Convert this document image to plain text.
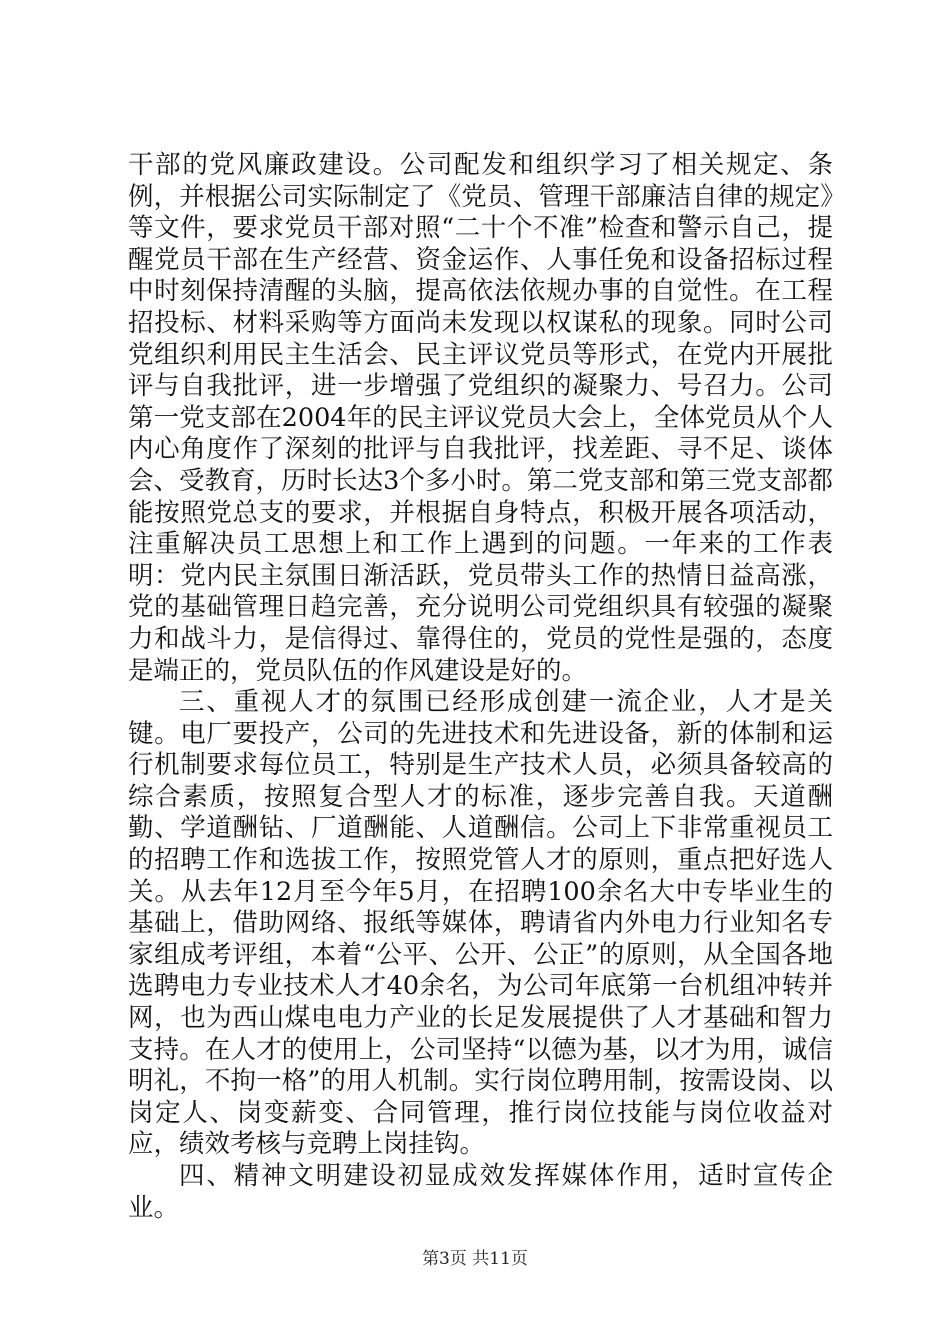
干部的党风廉政建设。公司配发和组织学习了相关规定、条例，并根据公司实际制定了《党员、管理干部廉洁自律的规定》等文件，要求党员干部对照“二十个不准”检查和警示自己，提醒党员干部在生产经营、资金运作、人事任免和设备招标过程中时刻保持清醒的头脑，提高依法依规办事的自觉性。在工程招投标、材料采购等方面尚未发现以权谋私的现象。同时公司党组织利用民主生活会、民主评议党员等形式，在党内开展批评与自我批评，进一步增强了党组织的凝聚力、号召力。公司第一党支部在2004年的民主评议党员大会上，全体党员从个人内心角度作了深刻的批评与自我批评，找差距、寻不足、谈体会、受教育，历时长达3个多小时。第二党支部和第三党支部都能按照党总支的要求，并根据自身特点，积极开展各项活动，注重解决员工思想上和工作上遇到的问题。一年来的工作表明：党内民主氛围日渐活跃，党员带头工作的热情日益高涨，党的基础管理日趋完善，充分说明公司党组织具有较强的凝聚力和战斗力，是信得过、靠得住的，党员的党性是强的，态度是端正的，党员队伍的作风建设是好的。

三、重视人才的氛围已经形成创建一流企业，人才是关键。电厂要投产，公司的先进技术和先进设备，新的体制和运行机制要求每位员工，特别是生产技术人员，必须具备较高的综合素质，按照复合型人才的标准，逐步完善自我。天道酬勤、学道酬钻、厂道酬能、人道酬信。公司上下非常重视员工的招聘工作和选拔工作，按照党管人才的原则，重点把好选人关。从去年12月至今年5月，在招聘100余名大中专毕业生的基础上，借助网络、报纸等媒体，聘请省内外电力行业知名专家组成考评组，本着“公平、公开、公正”的原则，从全国各地选聘电力专业技术人才40余名，为公司年底第一台机组冲转并网，也为西山煤电电力产业的长足发展提供了人才基础和智力支持。在人才的使用上，公司坚持“以德为基，以才为用，诚信明礼，不拘一格”的用人机制。实行岗位聘用制，按需设岗、以岗定人、岗变薪变、合同管理，推行岗位技能与岗位收益对应，绩效考核与竞聘上岗挂钩。

四、精神文明建设初显成效发挥媒体作用，适时宣传企业。

第3页 共11页
